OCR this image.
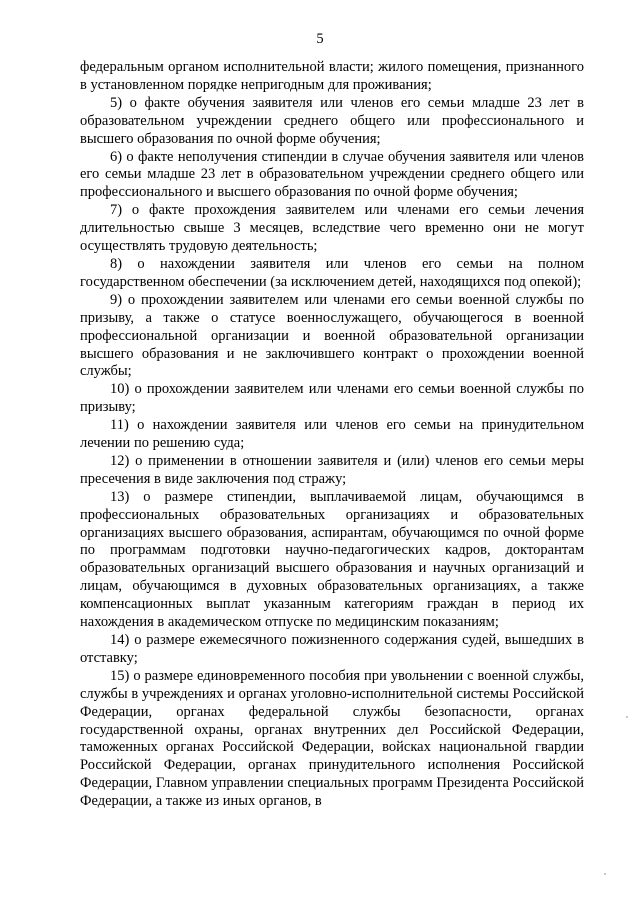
5

федеральным органом исполнительной власти; жилого помещения, признанного в установленном порядке непригодным для проживания;

5) о факте обучения заявителя или членов его семьи младше 23 лет в образовательном учреждении среднего общего или профессионального и высшего образования по очной форме обучения;

6) о факте неполучения стипендии в случае обучения заявителя или членов его семьи младше 23 лет в образовательном учреждении среднего общего или профессионального и высшего образования по очной форме обучения;

7) о факте прохождения заявителем или членами его семьи лечения длительностью свыше 3 месяцев, вследствие чего временно они не могут осуществлять трудовую деятельность;

8) о нахождении заявителя или членов его семьи на полном государственном обеспечении (за исключением детей, находящихся под опекой);

9) о прохождении заявителем или членами его семьи военной службы по призыву, а также о статусе военнослужащего, обучающегося в военной профессиональной организации и военной образовательной организации высшего образования и не заключившего контракт о прохождении военной службы;

10) о прохождении заявителем или членами его семьи военной службы по призыву;

11) о нахождении заявителя или членов его семьи на принудительном лечении по решению суда;

12) о применении в отношении заявителя и (или) членов его семьи меры пресечения в виде заключения под стражу;

13) о размере стипендии, выплачиваемой лицам, обучающимся в профессиональных образовательных организациях и образовательных организациях высшего образования, аспирантам, обучающимся по очной форме по программам подготовки научно-педагогических кадров, докторантам образовательных организаций высшего образования и научных организаций и лицам, обучающимся в духовных образовательных организациях, а также компенсационных выплат указанным категориям граждан в период их нахождения в академическом отпуске по медицинским показаниям;

14) о размере ежемесячного пожизненного содержания судей, вышедших в отставку;

15) о размере единовременного пособия при увольнении с военной службы, службы в учреждениях и органах уголовно-исполнительной системы Российской Федерации, органах федеральной службы безопасности, органах государственной охраны, органах внутренних дел Российской Федерации, таможенных органах Российской Федерации, войсках национальной гвардии Российской Федерации, органах принудительного исполнения Российской Федерации, Главном управлении специальных программ Президента Российской Федерации, а также из иных органов, в
